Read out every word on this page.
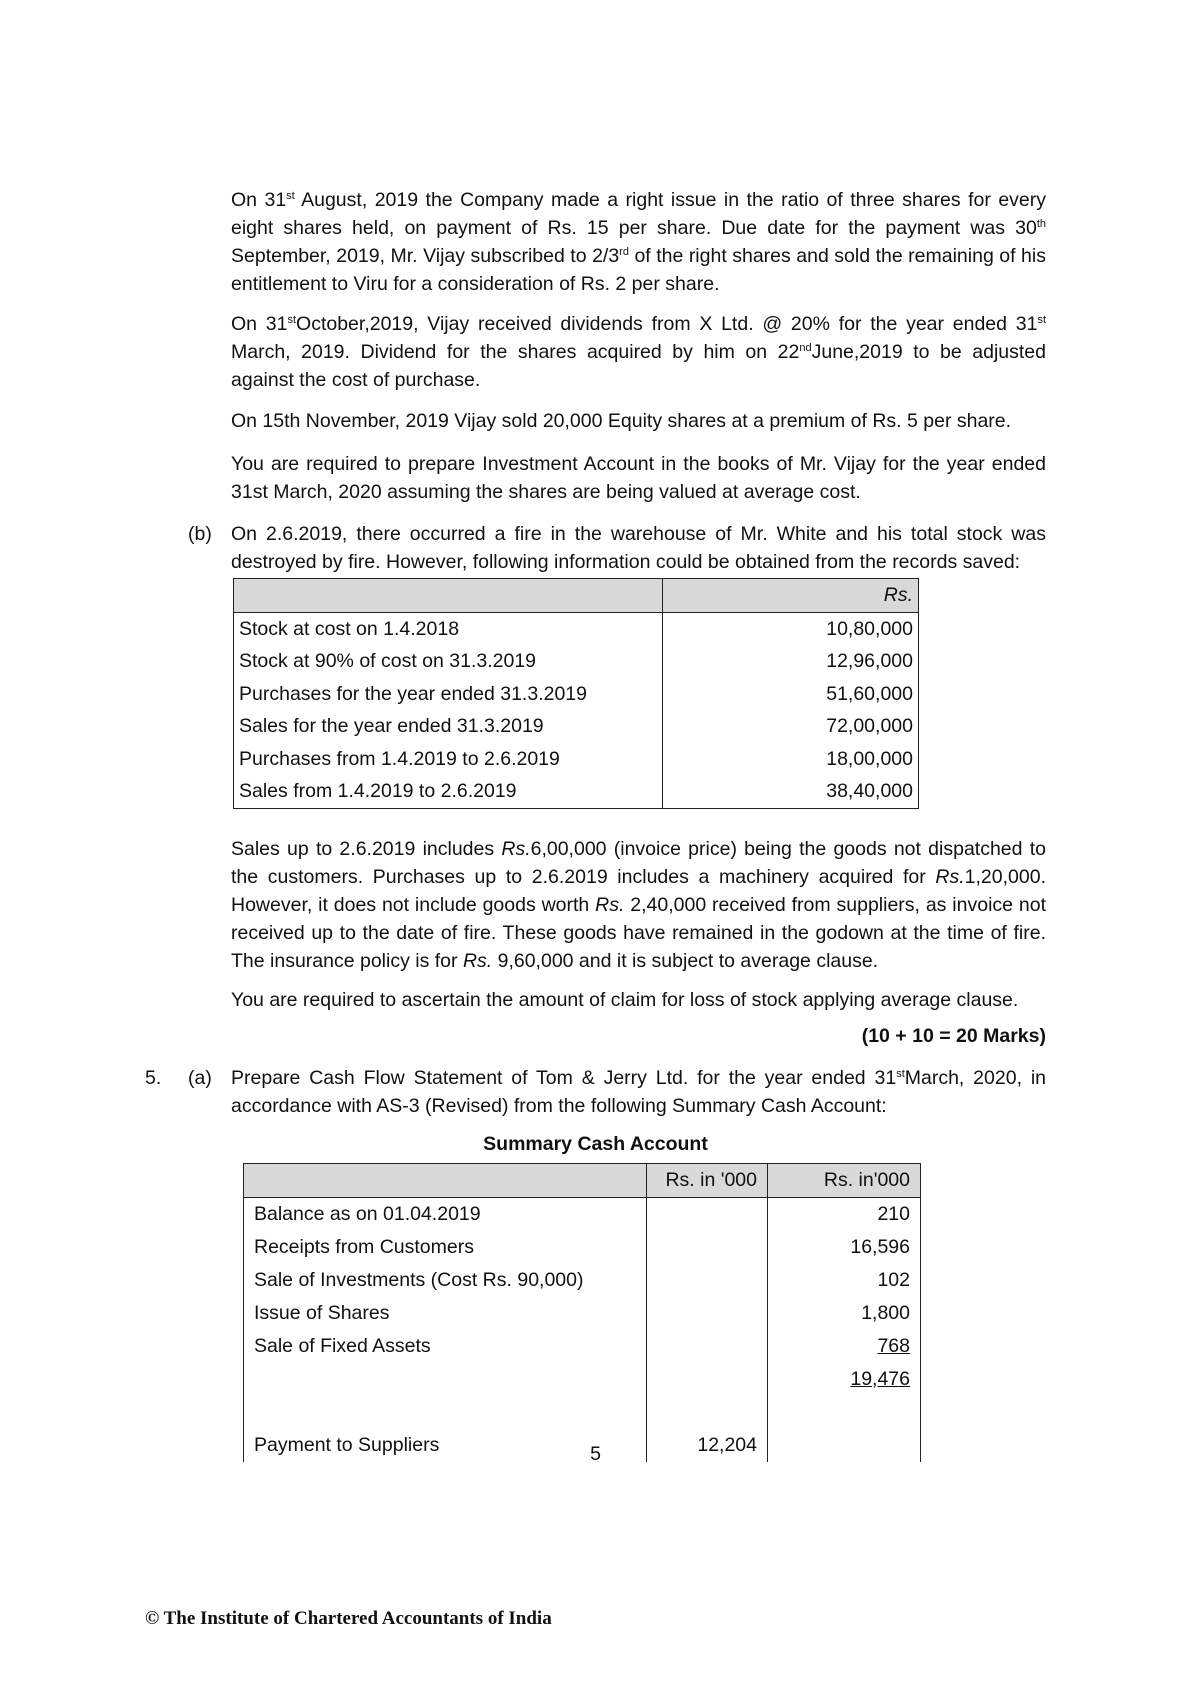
On 31st August, 2019 the Company made a right issue in the ratio of three shares for every eight shares held, on payment of Rs. 15 per share. Due date for the payment was 30th September, 2019, Mr. Vijay subscribed to 2/3rd of the right shares and sold the remaining of his entitlement to Viru for a consideration of Rs. 2 per share.

On 31stOctober,2019, Vijay received dividends from X Ltd. @ 20% for the year ended 31st March, 2019. Dividend for the shares acquired by him on 22ndJune,2019 to be adjusted against the cost of purchase.

On 15th November, 2019 Vijay sold 20,000 Equity shares at a premium of Rs. 5 per share.

You are required to prepare Investment Account in the books of Mr. Vijay for the year ended 31st March, 2020 assuming the shares are being valued at average cost.

(b) On 2.6.2019, there occurred a fire in the warehouse of Mr. White and his total stock was destroyed by fire. However, following information could be obtained from the records saved:

	Rs.
Stock at cost on 1.4.2018	10,80,000
Stock at 90% of cost on 31.3.2019	12,96,000
Purchases for the year ended 31.3.2019	51,60,000
Sales for the year ended 31.3.2019	72,00,000
Purchases from 1.4.2019 to 2.6.2019	18,00,000
Sales from 1.4.2019 to 2.6.2019	38,40,000

Sales up to 2.6.2019 includes Rs.6,00,000 (invoice price) being the goods not dispatched to the customers. Purchases up to 2.6.2019 includes a machinery acquired for Rs.1,20,000. However, it does not include goods worth Rs. 2,40,000 received from suppliers, as invoice not received up to the date of fire. These goods have remained in the godown at the time of fire. The insurance policy is for Rs. 9,60,000 and it is subject to average clause.

You are required to ascertain the amount of claim for loss of stock applying average clause.

(10 + 10 = 20 Marks)
5. (a) Prepare Cash Flow Statement of Tom & Jerry Ltd. for the year ended 31stMarch, 2020, in accordance with AS-3 (Revised) from the following Summary Cash Account:

Summary Cash Account
	Rs. in '000	Rs. in'000
Balance as on 01.04.2019		210
Receipts from Customers		16,596
Sale of Investments (Cost Rs. 90,000)		102
Issue of Shares		1,800
Sale of Fixed Assets		768
		19,476

Payment to Suppliers	12,204	
5
© The Institute of Chartered Accountants of India
